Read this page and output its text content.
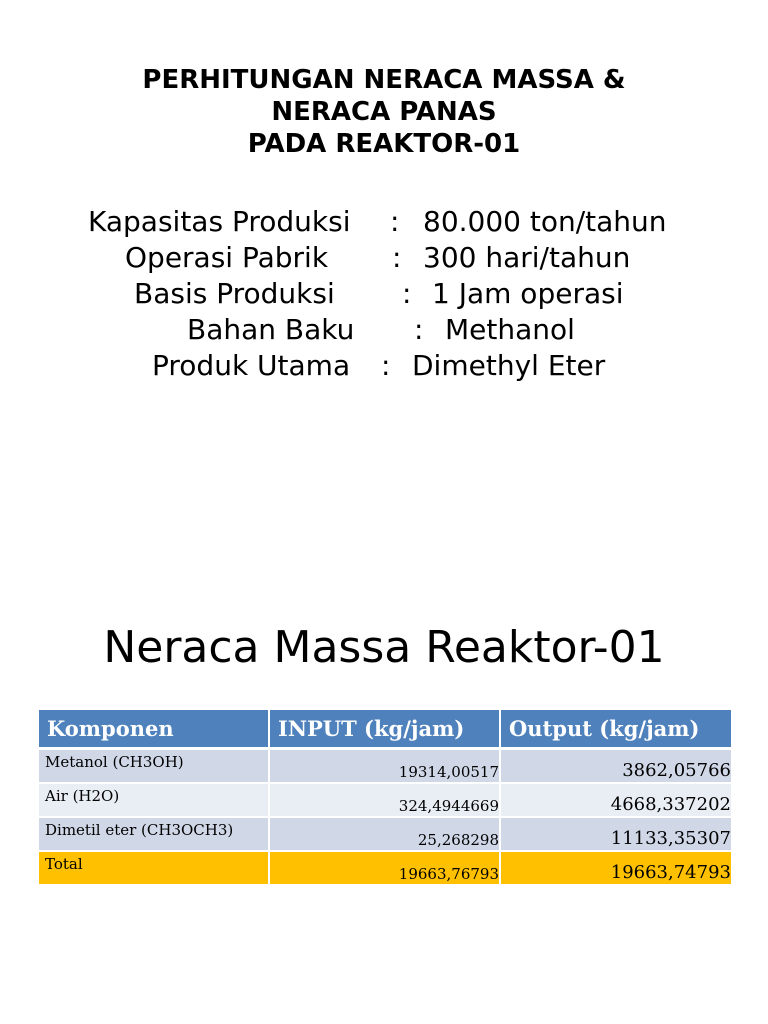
PERHITUNGAN NERACA MASSA &
NERACA PANAS
PADA REAKTOR-01
Kapasitas Produksi : 80.000 ton/tahun
Operasi Pabrik : 300 hari/tahun
Basis Produksi : 1 Jam operasi
Bahan Baku : Methanol
Produk Utama : Dimethyl Eter
Neraca Massa Reaktor-01
Komponen	INPUT (kg/jam)	Output (kg/jam)
Metanol (CH3OH)	19314,00517	3862,05766
Air (H2O)	324,4944669	4668,337202
Dimetil eter (CH3OCH3)	25,268298	11133,35307
Total	19663,76793	19663,74793
